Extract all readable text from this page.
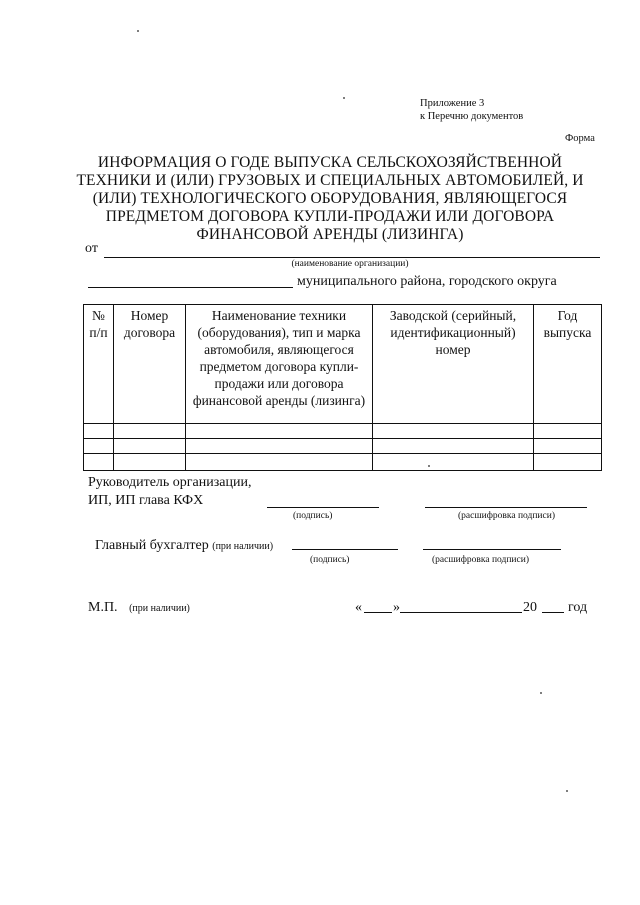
Приложение 3
к Перечню документов
Форма
ИНФОРМАЦИЯ О ГОДЕ ВЫПУСКА СЕЛЬСКОХОЗЯЙСТВЕННОЙ
ТЕХНИКИ И (ИЛИ) ГРУЗОВЫХ И СПЕЦИАЛЬНЫХ АВТОМОБИЛЕЙ, И
(ИЛИ) ТЕХНОЛОГИЧЕСКОГО ОБОРУДОВАНИЯ, ЯВЛЯЮЩЕГОСЯ
ПРЕДМЕТОМ ДОГОВОРА КУПЛИ-ПРОДАЖИ ИЛИ ДОГОВОРА
ФИНАНСОВОЙ АРЕНДЫ (ЛИЗИНГА)
от
(наименование организации)
муниципального района, городского округа
№ п/п	Номер договора	Наименование техники (оборудования), тип и марка автомобиля, являющегося предметом договора купли-продажи или договора финансовой аренды (лизинга)	Заводской (серийный, идентификационный) номер	Год выпуска

Руководитель организации,
ИП, ИП глава КФХ
(подпись)	(расшифровка подписи)
Главный бухгалтер (при наличии)
(подпись)	(расшифровка подписи)
М.П. (при наличии)	« »	20 год
